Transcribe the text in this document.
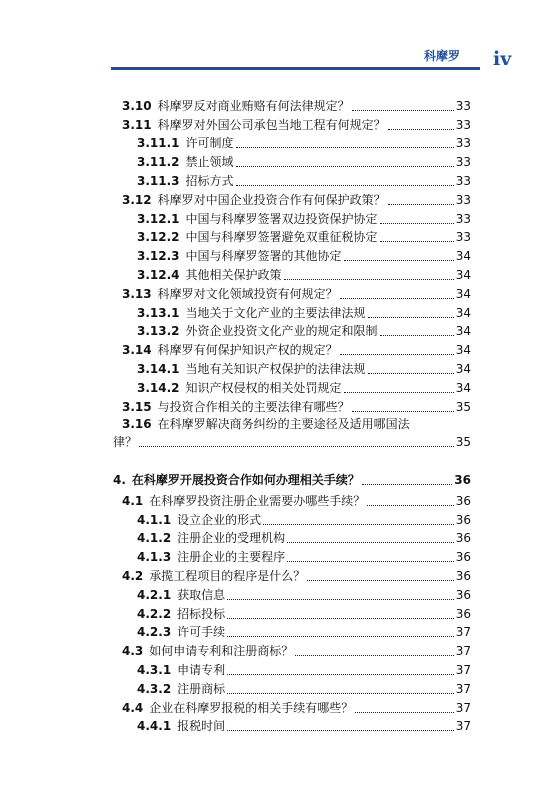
科摩罗 iv
3.10 科摩罗反对商业贿赂有何法律规定？	33
3.11 科摩罗对外国公司承包当地工程有何规定？	33
3.11.1 许可制度	33
3.11.2 禁止领域	33
3.11.3 招标方式	33
3.12 科摩罗对中国企业投资合作有何保护政策？	33
3.12.1 中国与科摩罗签署双边投资保护协定	33
3.12.2 中国与科摩罗签署避免双重征税协定	33
3.12.3 中国与科摩罗签署的其他协定	34
3.12.4 其他相关保护政策	34
3.13 科摩罗对文化领域投资有何规定？	34
3.13.1 当地关于文化产业的主要法律法规	34
3.13.2 外资企业投资文化产业的规定和限制	34
3.14 科摩罗有何保护知识产权的规定？	34
3.14.1 当地有关知识产权保护的法律法规	34
3.14.2 知识产权侵权的相关处罚规定	34
3.15 与投资合作相关的主要法律有哪些？	35
3.16 在科摩罗解决商务纠纷的主要途径及适用哪国法
律？	35
4. 在科摩罗开展投资合作如何办理相关手续？	36
4.1 在科摩罗投资注册企业需要办哪些手续？	36
4.1.1 设立企业的形式	36
4.1.2 注册企业的受理机构	36
4.1.3 注册企业的主要程序	36
4.2 承揽工程项目的程序是什么？	36
4.2.1 获取信息	36
4.2.2 招标投标	36
4.2.3 许可手续	37
4.3 如何申请专利和注册商标？	37
4.3.1 申请专利	37
4.3.2 注册商标	37
4.4 企业在科摩罗报税的相关手续有哪些？	37
4.4.1 报税时间	37
